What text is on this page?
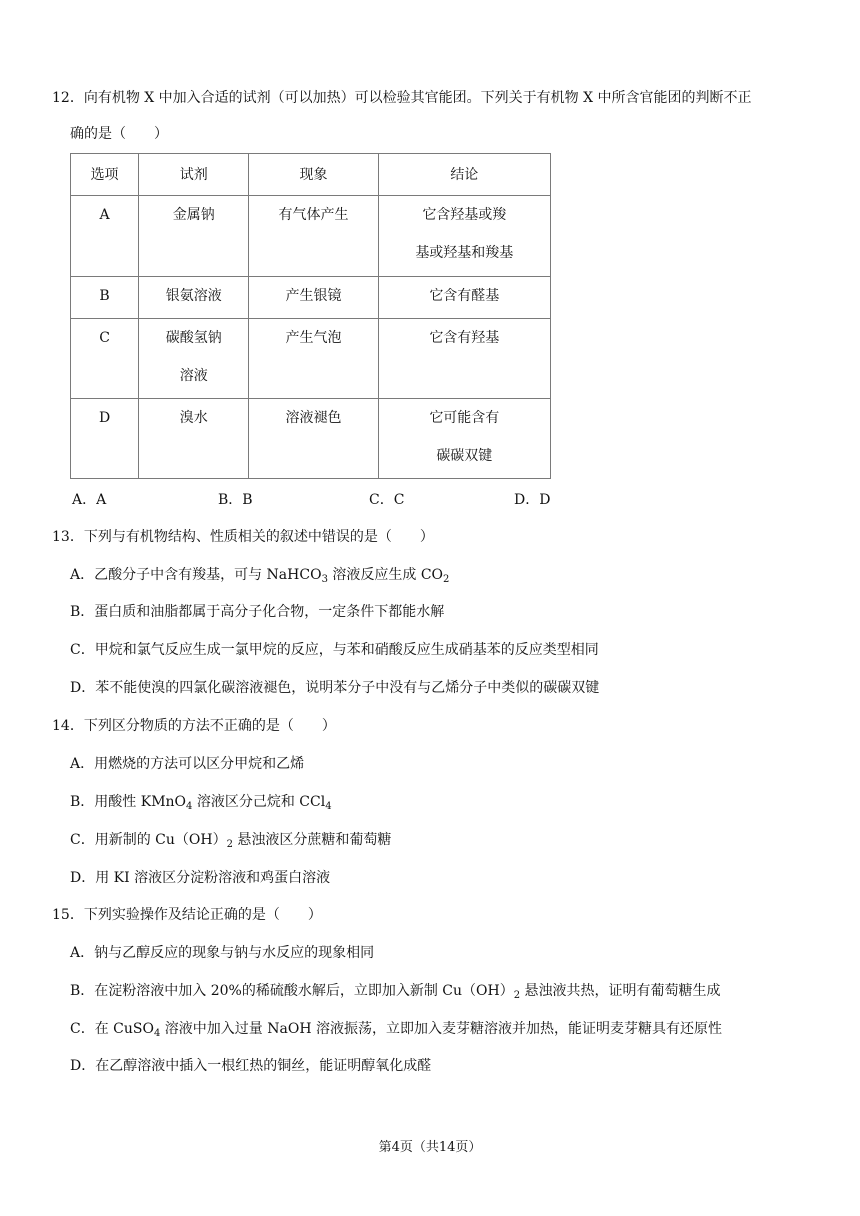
12．向有机物 X 中加入合适的试剂（可以加热）可以检验其官能团。下列关于有机物 X 中所含官能团的判断不正
确的是（　　）
选项	试剂	现象	结论

A	金属钠	有气体产生	它含羟基或羧
基或羟基和羧基

B	银氨溶液	产生银镜	它含有醛基

C	碳酸氢钠
溶液	产生气泡	它含有羟基

D	溴水	溶液褪色	它可能含有
碳碳双键
A．A	B．B	C．C	D．D
13．下列与有机物结构、性质相关的叙述中错误的是（　　）
A．乙酸分子中含有羧基，可与 NaHCO$_3$ 溶液反应生成 $CO_2$
B．蛋白质和油脂都属于高分子化合物，一定条件下都能水解
C．甲烷和氯气反应生成一氯甲烷的反应，与苯和硝酸反应生成硝基苯的反应类型相同
D．苯不能使溴的四氯化碳溶液褪色，说明苯分子中没有与乙烯分子中类似的碳碳双键
14．下列区分物质的方法不正确的是（　　）
A．用燃烧的方法可以区分甲烷和乙烯
B．用酸性 KMnO$_4$ 溶液区分己烷和 CCl$_4$
C．用新制的 $Cu(OH)_2$ 悬浊液区分蔗糖和葡萄糖
D．用 KI 溶液区分淀粉溶液和鸡蛋白溶液
15．下列实验操作及结论正确的是（　　）
A．钠与乙醇反应的现象与钠与水反应的现象相同
B．在淀粉溶液中加入 20%的稀硫酸水解后，立即加入新制 $Cu(OH)_2$ 悬浊液共热，证明有葡萄糖生成
C．在 CuSO$_4$ 溶液中加入过量 NaOH 溶液振荡，立即加入麦芽糖溶液并加热，能证明麦芽糖具有还原性
D．在乙醇溶液中插入一根红热的铜丝，能证明醇氧化成醛
第4页（共14页）
